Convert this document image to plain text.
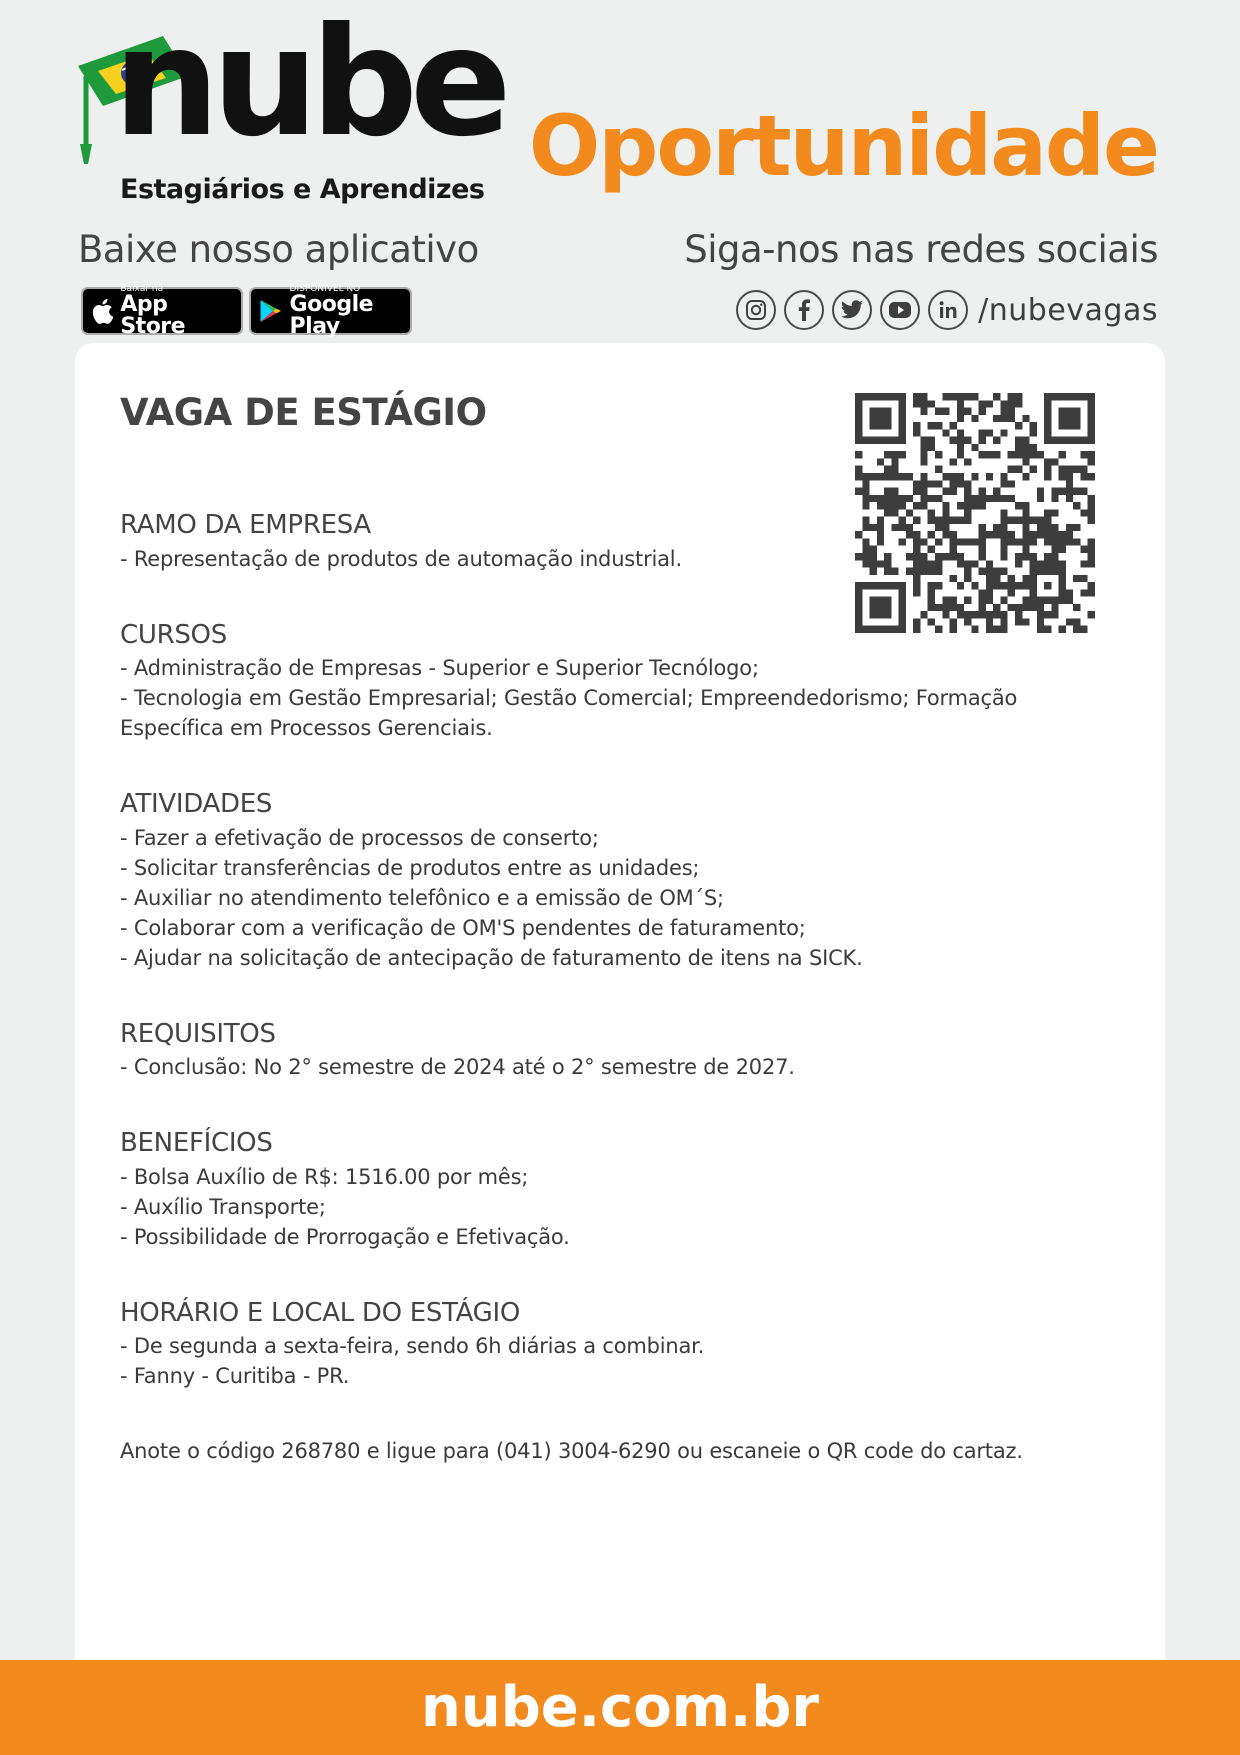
nube
Estagiários e Aprendizes Oportunidade
Baixe nosso aplicativo	Siga-nos nas redes sociais
Baixar na
App Store
DISPONÍVEL NO
Google Play	/nubevagas
VAGA DE ESTÁGIO
RAMO DA EMPRESA
- Representação de produtos de automação industrial.
CURSOS
- Administração de Empresas - Superior e Superior Tecnólogo;
- Tecnologia em Gestão Empresarial; Gestão Comercial; Empreendedorismo; Formação
Específica em Processos Gerenciais.
ATIVIDADES
- Fazer a efetivação de processos de conserto;
- Solicitar transferências de produtos entre as unidades;
- Auxiliar no atendimento telefônico e a emissão de OM´S;
- Colaborar com a verificação de OM'S pendentes de faturamento;
- Ajudar na solicitação de antecipação de faturamento de itens na SICK.
REQUISITOS
- Conclusão: No 2° semestre de 2024 até o 2° semestre de 2027.
BENEFÍCIOS
- Bolsa Auxílio de R$: 1516.00 por mês;
- Auxílio Transporte;
- Possibilidade de Prorrogação e Efetivação.
HORÁRIO E LOCAL DO ESTÁGIO
- De segunda a sexta-feira, sendo 6h diárias a combinar.
- Fanny - Curitiba - PR.
Anote o código 268780 e ligue para (041) 3004-6290 ou escaneie o QR code do cartaz.
nube.com.br
